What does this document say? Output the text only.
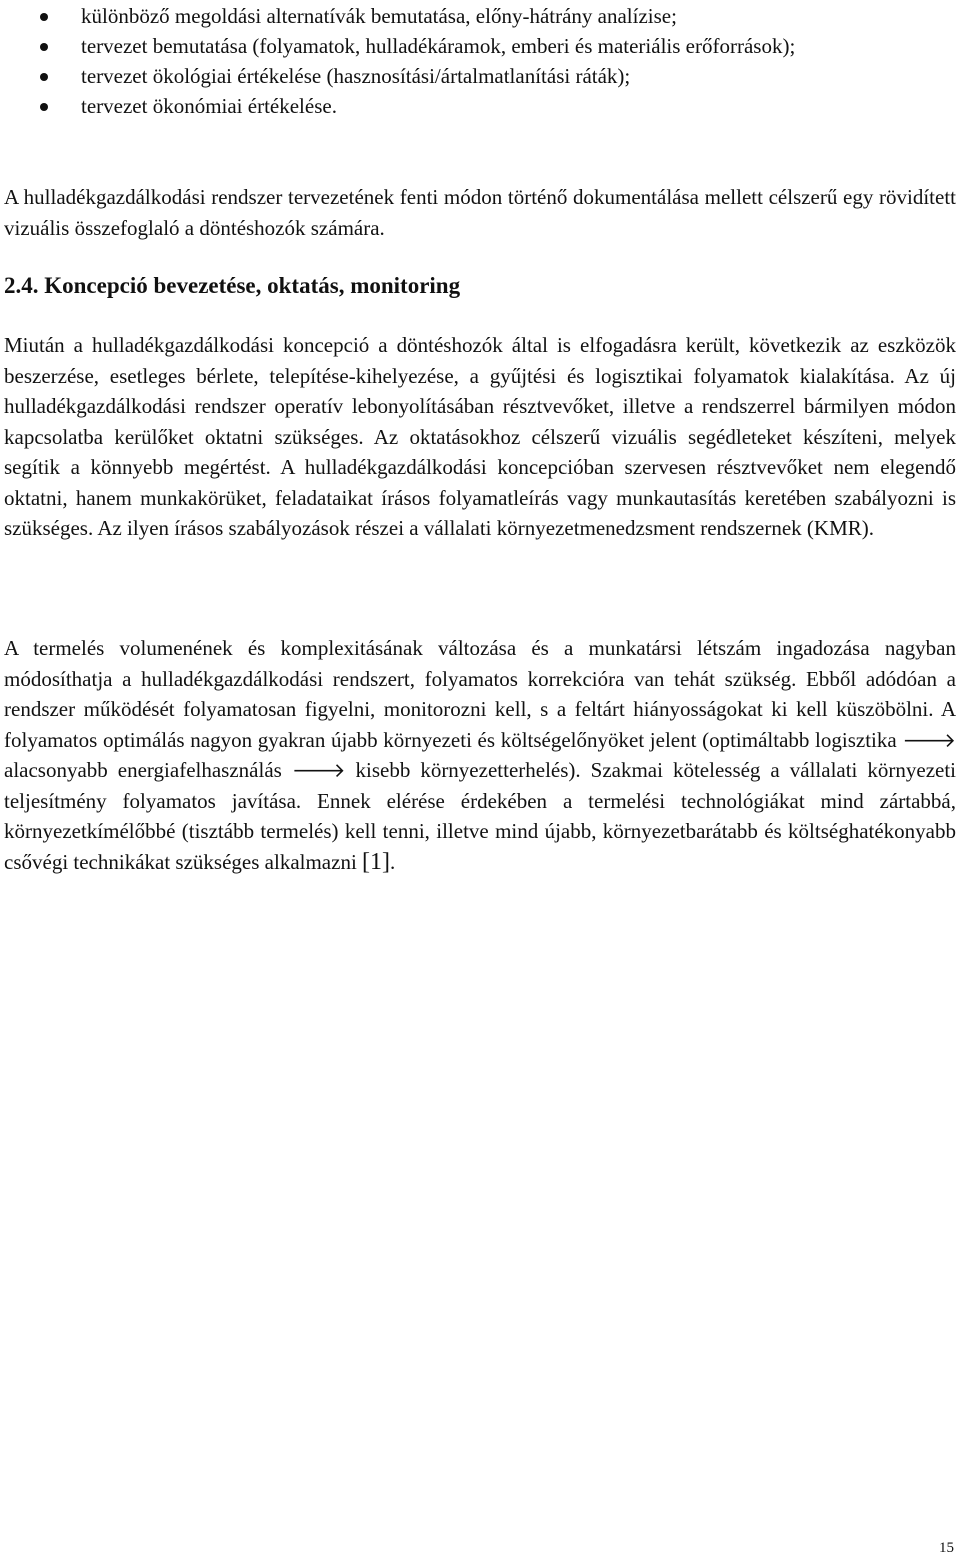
különböző megoldási alternatívák bemutatása, előny-hátrány analízise;
tervezet bemutatása (folyamatok, hulladékáramok, emberi és materiális erőforrások);
tervezet ökológiai értékelése (hasznosítási/ártalmatlanítási ráták);
tervezet ökonómiai értékelése.

A hulladékgazdálkodási rendszer tervezetének fenti módon történő dokumentálása mellett célszerű egy rövidített vizuális összefoglaló a döntéshozók számára.

2.4. Koncepció bevezetése, oktatás, monitoring

Miután a hulladékgazdálkodási koncepció a döntéshozók által is elfogadásra került, következik az eszközök beszerzése, esetleges bérlete, telepítése-kihelyezése, a gyűjtési és logisztikai folyamatok kialakítása. Az új hulladékgazdálkodási rendszer operatív lebonyolításában résztvevőket, illetve a rendszerrel bármilyen módon kapcsolatba kerülőket oktatni szükséges. Az oktatásokhoz célszerű vizuális segédleteket készíteni, melyek segítik a könnyebb megértést. A hulladékgazdálkodási koncepcióban szervesen résztvevőket nem elegendő oktatni, hanem munkakörüket, feladataikat írásos folyamatleírás vagy munkautasítás keretében szabályozni is szükséges. Az ilyen írásos szabályozások részei a vállalati környezetmenedzsment rendszernek (KMR).

A termelés volumenének és komplexitásának változása és a munkatársi létszám ingadozása nagyban módosíthatja a hulladékgazdálkodási rendszert, folyamatos korrekcióra van tehát szükség. Ebből adódóan a rendszer működését folyamatosan figyelni, monitorozni kell, s a feltárt hiányosságokat ki kell küszöbölni. A folyamatos optimálás nagyon gyakran újabb környezeti és költségelőnyöket jelent (optimáltabb logisztika 🡒 alacsonyabb energiafelhasználás 🡒 kisebb környezetterhelés). Szakmai kötelesség a vállalati környezeti teljesítmény folyamatos javítása. Ennek elérése érdekében a termelési technológiákat mind zártabbá, környezetkímélőbbé (tisztább termelés) kell tenni, illetve mind újabb, környezetbarátabb és költséghatékonyabb csővégi technikákat szükséges alkalmazni [1].

15
